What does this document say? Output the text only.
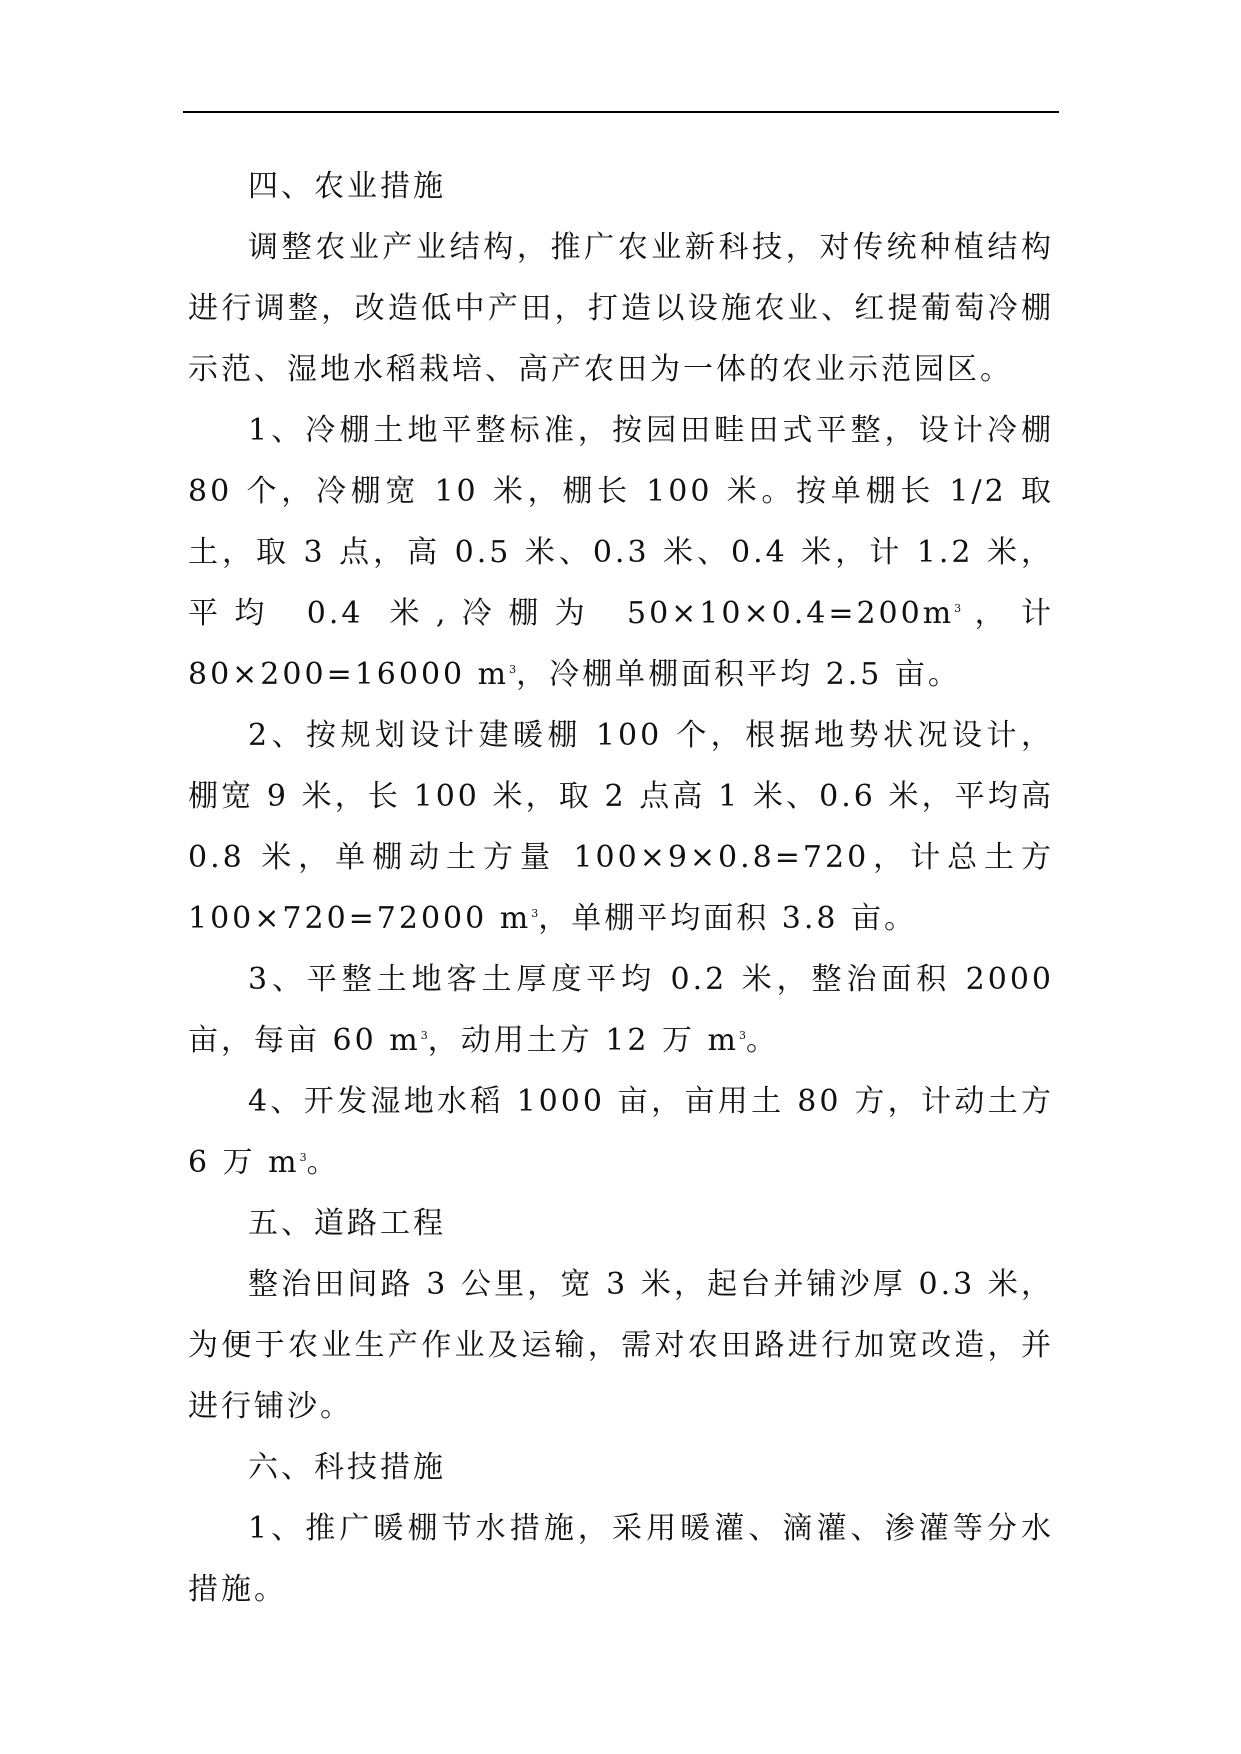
四、农业措施

调整农业产业结构，推广农业新科技，对传统种植结构进行调整，改造低中产田，打造以设施农业、红提葡萄冷棚示范、湿地水稻栽培、高产农田为一体的农业示范园区。

1、冷棚土地平整标准，按园田畦田式平整，设计冷棚 80 个，冷棚宽 10 米，棚长 100 米。按单棚长 1/2 取土，取 3 点，高 0.5 米、0.3 米、0.4 米，计 1.2 米，平均 0.4 米,冷棚为 $50\times 10\times 0.4=200m^3$，计 80×200=16000 $m^3$，冷棚单棚面积平均 2.5 亩。

2、按规划设计建暖棚 100 个，根据地势状况设计，棚宽 9 米，长 100 米，取 2 点高 1 米、0.6 米，平均高 0.8 米，单棚动土方量 100×9×0.8=720，计总土方 100×720=72000 $m^3$，单棚平均面积 3.8 亩。

3、平整土地客土厚度平均 0.2 米，整治面积 2000 亩，每亩 60 $m^3$，动用土方 12 万 $m^3$。

4、开发湿地水稻 1000 亩，亩用土 80 方，计动土方 6 万 $m^3$。

五、道路工程

整治田间路 3 公里，宽 3 米，起台并铺沙厚 0.3 米，为便于农业生产作业及运输，需对农田路进行加宽改造，并进行铺沙。

六、科技措施

1、推广暖棚节水措施，采用暖灌、滴灌、渗灌等分水措施。
